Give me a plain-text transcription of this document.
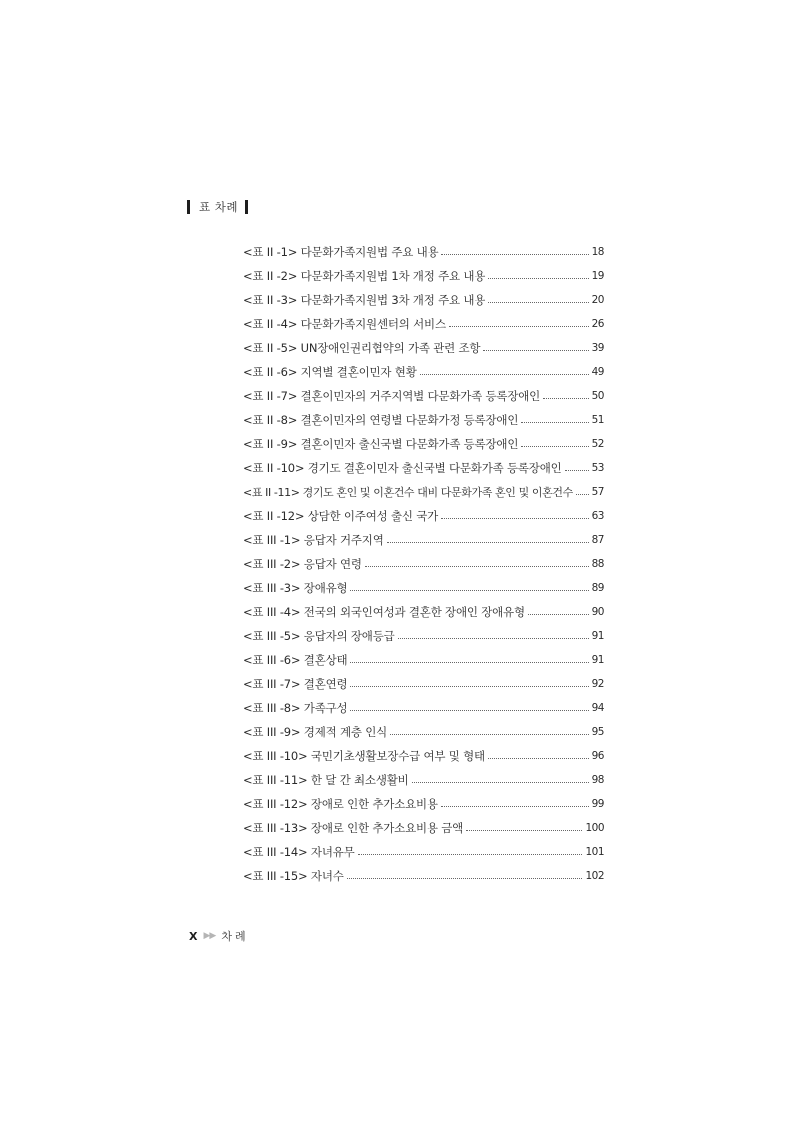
표 차례
<표 II -1> 다문화가족지원법 주요 내용	18
<표 II -2> 다문화가족지원법 1차 개정 주요 내용	19
<표 II -3> 다문화가족지원법 3차 개정 주요 내용	20
<표 II -4> 다문화가족지원센터의 서비스	26
<표 II -5> UN장애인권리협약의 가족 관련 조항	39
<표 II -6> 지역별 결혼이민자 현황	49
<표 II -7> 결혼이민자의 거주지역별 다문화가족 등록장애인	50
<표 II -8> 결혼이민자의 연령별 다문화가정 등록장애인	51
<표 II -9> 결혼이민자 출신국별 다문화가족 등록장애인	52
<표 II -10> 경기도 결혼이민자 출신국별 다문화가족 등록장애인	53
<표 II -11> 경기도 혼인 및 이혼건수 대비 다문화가족 혼인 및 이혼건수 57
<표 II -12> 상담한 이주여성 출신 국가	63
<표 III -1> 응답자 거주지역	87
<표 III -2> 응답자 연령	88
<표 III -3> 장애유형	89
<표 III -4> 전국의 외국인여성과 결혼한 장애인 장애유형	90
<표 III -5> 응답자의 장애등급	91
<표 III -6> 결혼상태	91
<표 III -7> 결혼연령	92
<표 III -8> 가족구성	94
<표 III -9> 경제적 계층 인식	95
<표 III -10> 국민기초생활보장수급 여부 및 형태	96
<표 III -11> 한 달 간 최소생활비	98
<표 III -12> 장애로 인한 추가소요비용	99
<표 III -13> 장애로 인한 추가소요비용 금액	100
<표 III -14> 자녀유무	101
<표 III -15> 자녀수	102
X ▶▶ 차례
